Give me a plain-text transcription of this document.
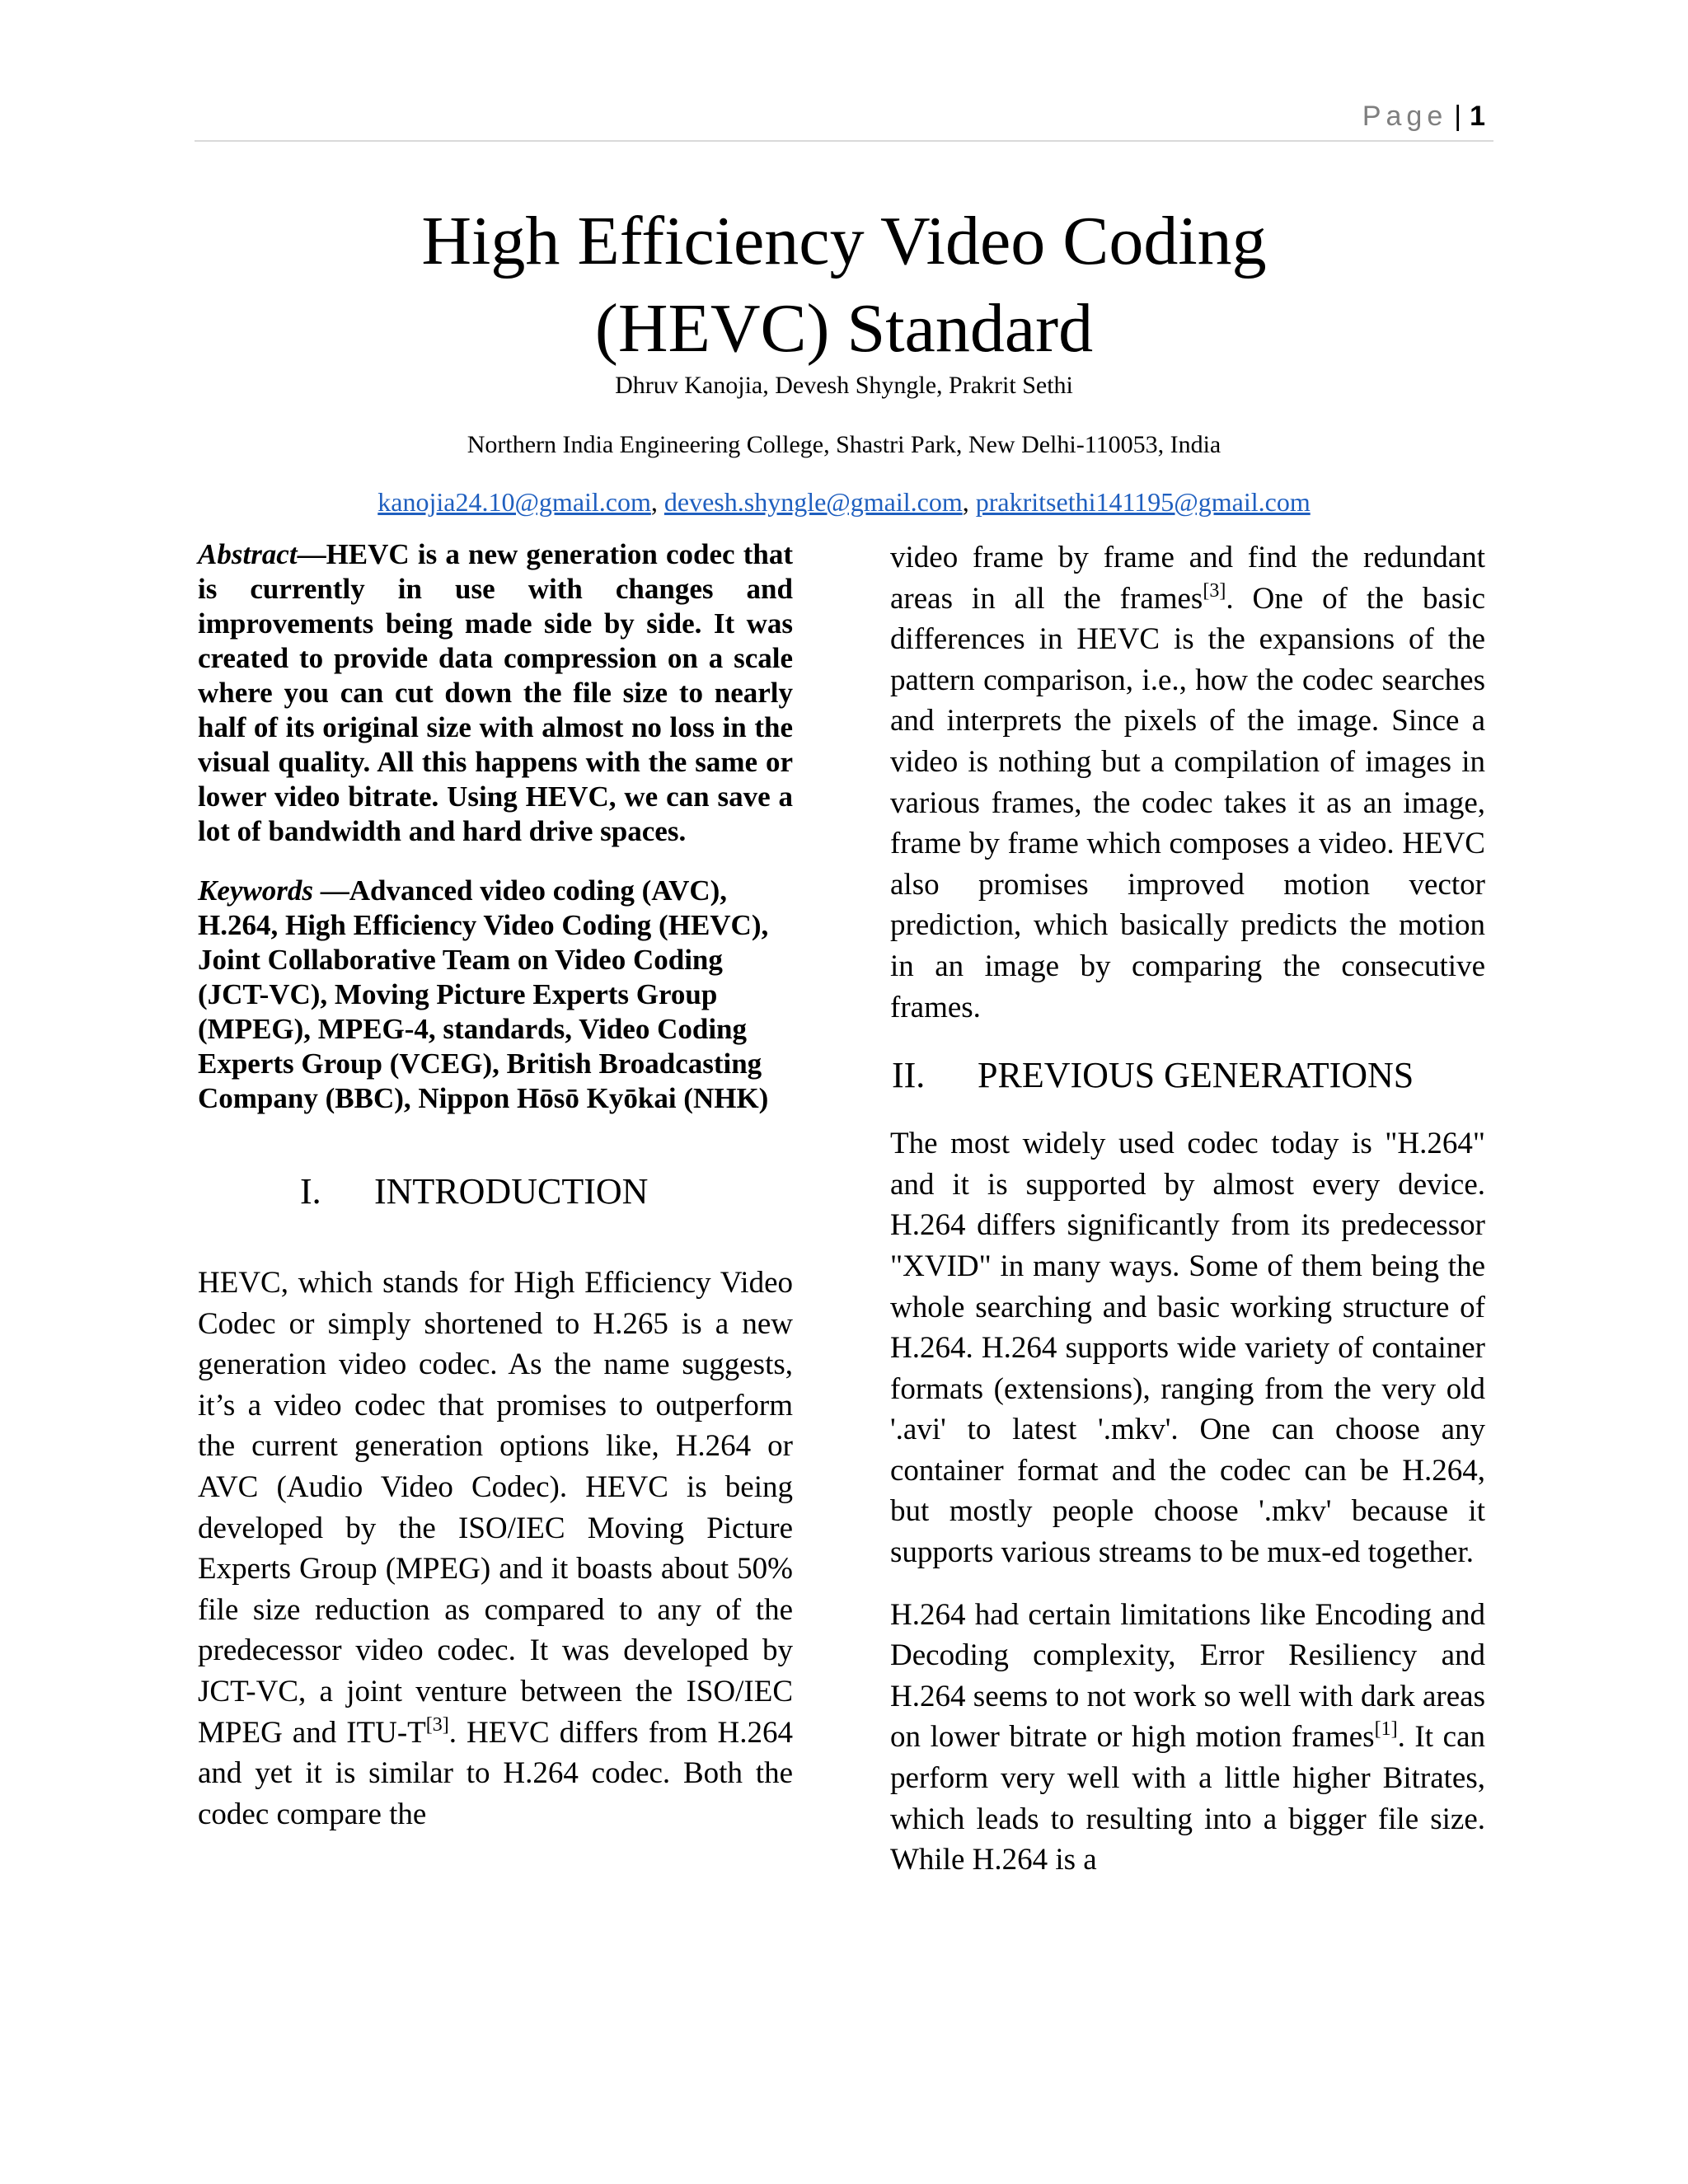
Page | 1
High Efficiency Video Coding
(HEVC) Standard
Dhruv Kanojia, Devesh Shyngle, Prakrit Sethi
Northern India Engineering College, Shastri Park, New Delhi-110053, India
kanojia24.10@gmail.com, devesh.shyngle@gmail.com, prakritsethi141195@gmail.com

Abstract—HEVC is a new generation codec that is currently in use with changes and improvements being made side by side. It was created to provide data compression on a scale where you can cut down the file size to nearly half of its original size with almost no loss in the visual quality. All this happens with the same or lower video bitrate. Using HEVC, we can save a lot of bandwidth and hard drive spaces.

Keywords —Advanced video coding (AVC), H.264, High Efficiency Video Coding (HEVC), Joint Collaborative Team on Video Coding (JCT-VC), Moving Picture Experts Group (MPEG), MPEG-4, standards, Video Coding Experts Group (VCEG), British Broadcasting Company (BBC), Nippon Hōsō Kyōkai (NHK)

I. INTRODUCTION

HEVC, which stands for High Efficiency Video Codec or simply shortened to H.265 is a new generation video codec. As the name suggests, it’s a video codec that promises to outperform the current generation options like, H.264 or AVC (Audio Video Codec). HEVC is being developed by the ISO/IEC Moving Picture Experts Group (MPEG) and it boasts about 50% file size reduction as compared to any of the predecessor video codec. It was developed by JCT-VC, a joint venture between the ISO/IEC MPEG and ITU-T[3]. HEVC differs from H.264 and yet it is similar to H.264 codec. Both the codec compare the

video frame by frame and find the redundant areas in all the frames[3]. One of the basic differences in HEVC is the expansions of the pattern comparison, i.e., how the codec searches and interprets the pixels of the image. Since a video is nothing but a compilation of images in various frames, the codec takes it as an image, frame by frame which composes a video. HEVC also promises improved motion vector prediction, which basically predicts the motion in an image by comparing the consecutive frames.

II. PREVIOUS GENERATIONS

The most widely used codec today is "H.264" and it is supported by almost every device. H.264 differs significantly from its predecessor "XVID" in many ways. Some of them being the whole searching and basic working structure of H.264. H.264 supports wide variety of container formats (extensions), ranging from the very old '.avi' to latest '.mkv'. One can choose any container format and the codec can be H.264, but mostly people choose '.mkv' because it supports various streams to be mux-ed together.

H.264 had certain limitations like Encoding and Decoding complexity, Error Resiliency and H.264 seems to not work so well with dark areas on lower bitrate or high motion frames[1]. It can perform very well with a little higher Bitrates, which leads to resulting into a bigger file size. While H.264 is a
